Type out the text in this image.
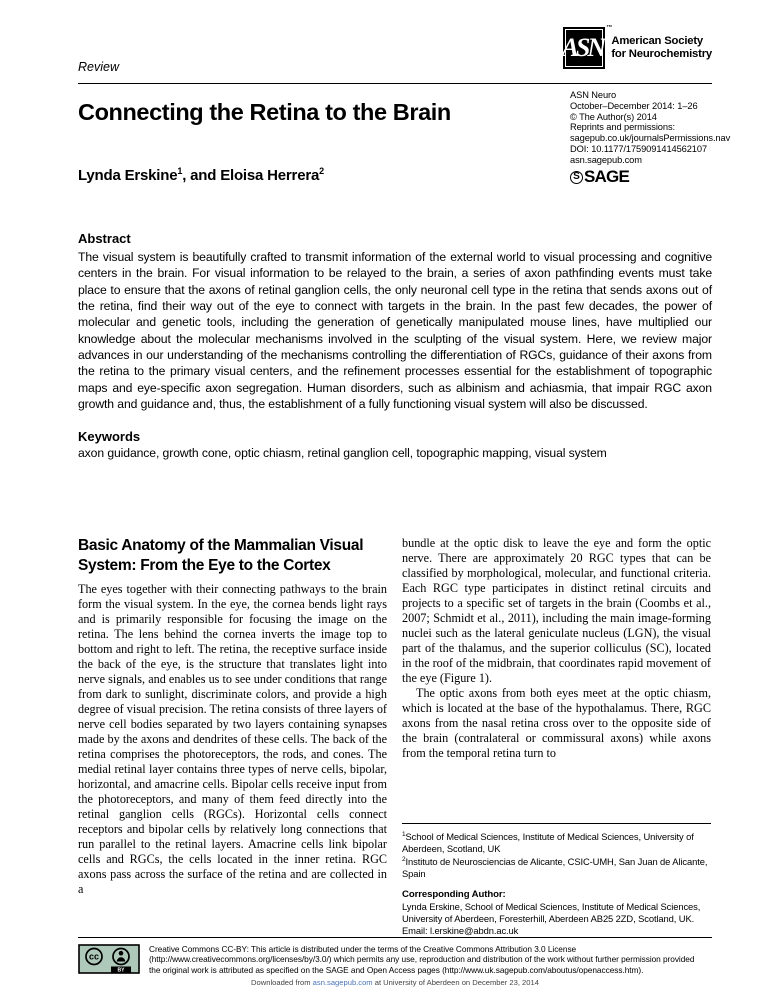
ASN
™
American Society
for Neurochemistry
Review
Connecting the Retina to the Brain
ASN Neuro
October–December 2014: 1–26
© The Author(s) 2014
Reprints and permissions:
sagepub.co.uk/journalsPermissions.nav
DOI: 10.1177/1759091414562107
asn.sagepub.com
S SAGE
Lynda Erskine$^1$, and Eloisa Herrera$^2$
Abstract

The visual system is beautifully crafted to transmit information of the external world to visual processing and cognitive centers in the brain. For visual information to be relayed to the brain, a series of axon pathfinding events must take place to ensure that the axons of retinal ganglion cells, the only neuronal cell type in the retina that sends axons out of the retina, find their way out of the eye to connect with targets in the brain. In the past few decades, the power of molecular and genetic tools, including the generation of genetically manipulated mouse lines, have multiplied our knowledge about the molecular mechanisms involved in the sculpting of the visual system. Here, we review major advances in our understanding of the mechanisms controlling the differentiation of RGCs, guidance of their axons from the retina to the primary visual centers, and the refinement processes essential for the establishment of topographic maps and eye-specific axon segregation. Human disorders, such as albinism and achiasmia, that impair RGC axon growth and guidance and, thus, the establishment of a fully functioning visual system will also be discussed.

Keywords

axon guidance, growth cone, optic chiasm, retinal ganglion cell, topographic mapping, visual system

Basic Anatomy of the Mammalian Visual System: From the Eye to the Cortex

The eyes together with their connecting pathways to the brain form the visual system. In the eye, the cornea bends light rays and is primarily responsible for focusing the image on the retina. The lens behind the cornea inverts the image top to bottom and right to left. The retina, the receptive surface inside the back of the eye, is the structure that translates light into nerve signals, and enables us to see under conditions that range from dark to sunlight, discriminate colors, and provide a high degree of visual precision. The retina consists of three layers of nerve cell bodies separated by two layers containing synapses made by the axons and dendrites of these cells. The back of the retina comprises the photoreceptors, the rods, and cones. The medial retinal layer contains three types of nerve cells, bipolar, horizontal, and amacrine cells. Bipolar cells receive input from the photoreceptors, and many of them feed directly into the retinal ganglion cells (RGCs). Horizontal cells connect receptors and bipolar cells by relatively long connections that run parallel to the retinal layers. Amacrine cells link bipolar cells and RGCs, the cells located in the inner retina. RGC axons pass across the surface of the retina and are collected in a

bundle at the optic disk to leave the eye and form the optic nerve. There are approximately 20 RGC types that can be classified by morphological, molecular, and functional criteria. Each RGC type participates in distinct retinal circuits and projects to a specific set of targets in the brain (Coombs et al., 2007; Schmidt et al., 2011), including the main image-forming nuclei such as the lateral geniculate nucleus (LGN), the visual part of the thalamus, and the superior colliculus (SC), located in the roof of the midbrain, that coordinates rapid movement of the eye (Figure 1).

The optic axons from both eyes meet at the optic chiasm, which is located at the base of the hypothalamus. There, RGC axons from the nasal retina cross over to the opposite side of the brain (contralateral or commissural axons) while axons from the temporal retina turn to

$^1$School of Medical Sciences, Institute of Medical Sciences, University of Aberdeen, Scotland, UK
$^2$Instituto de Neurosciencias de Alicante, CSIC-UMH, San Juan de Alicante, Spain
Corresponding Author:
Lynda Erskine, School of Medical Sciences, Institute of Medical Sciences, University of Aberdeen, Foresterhill, Aberdeen AB25 2ZD, Scotland, UK.
Email: l.erskine@abdn.ac.uk
cc
BY

Creative Commons CC-BY: This article is distributed under the terms of the Creative Commons Attribution 3.0 License (http://www.creativecommons.org/licenses/by/3.0/) which permits any use, reproduction and distribution of the work without further permission provided the original work is attributed as specified on the SAGE and Open Access pages (http://www.uk.sagepub.com/aboutus/openaccess.htm).

Downloaded from asn.sagepub.com at University of Aberdeen on December 23, 2014
